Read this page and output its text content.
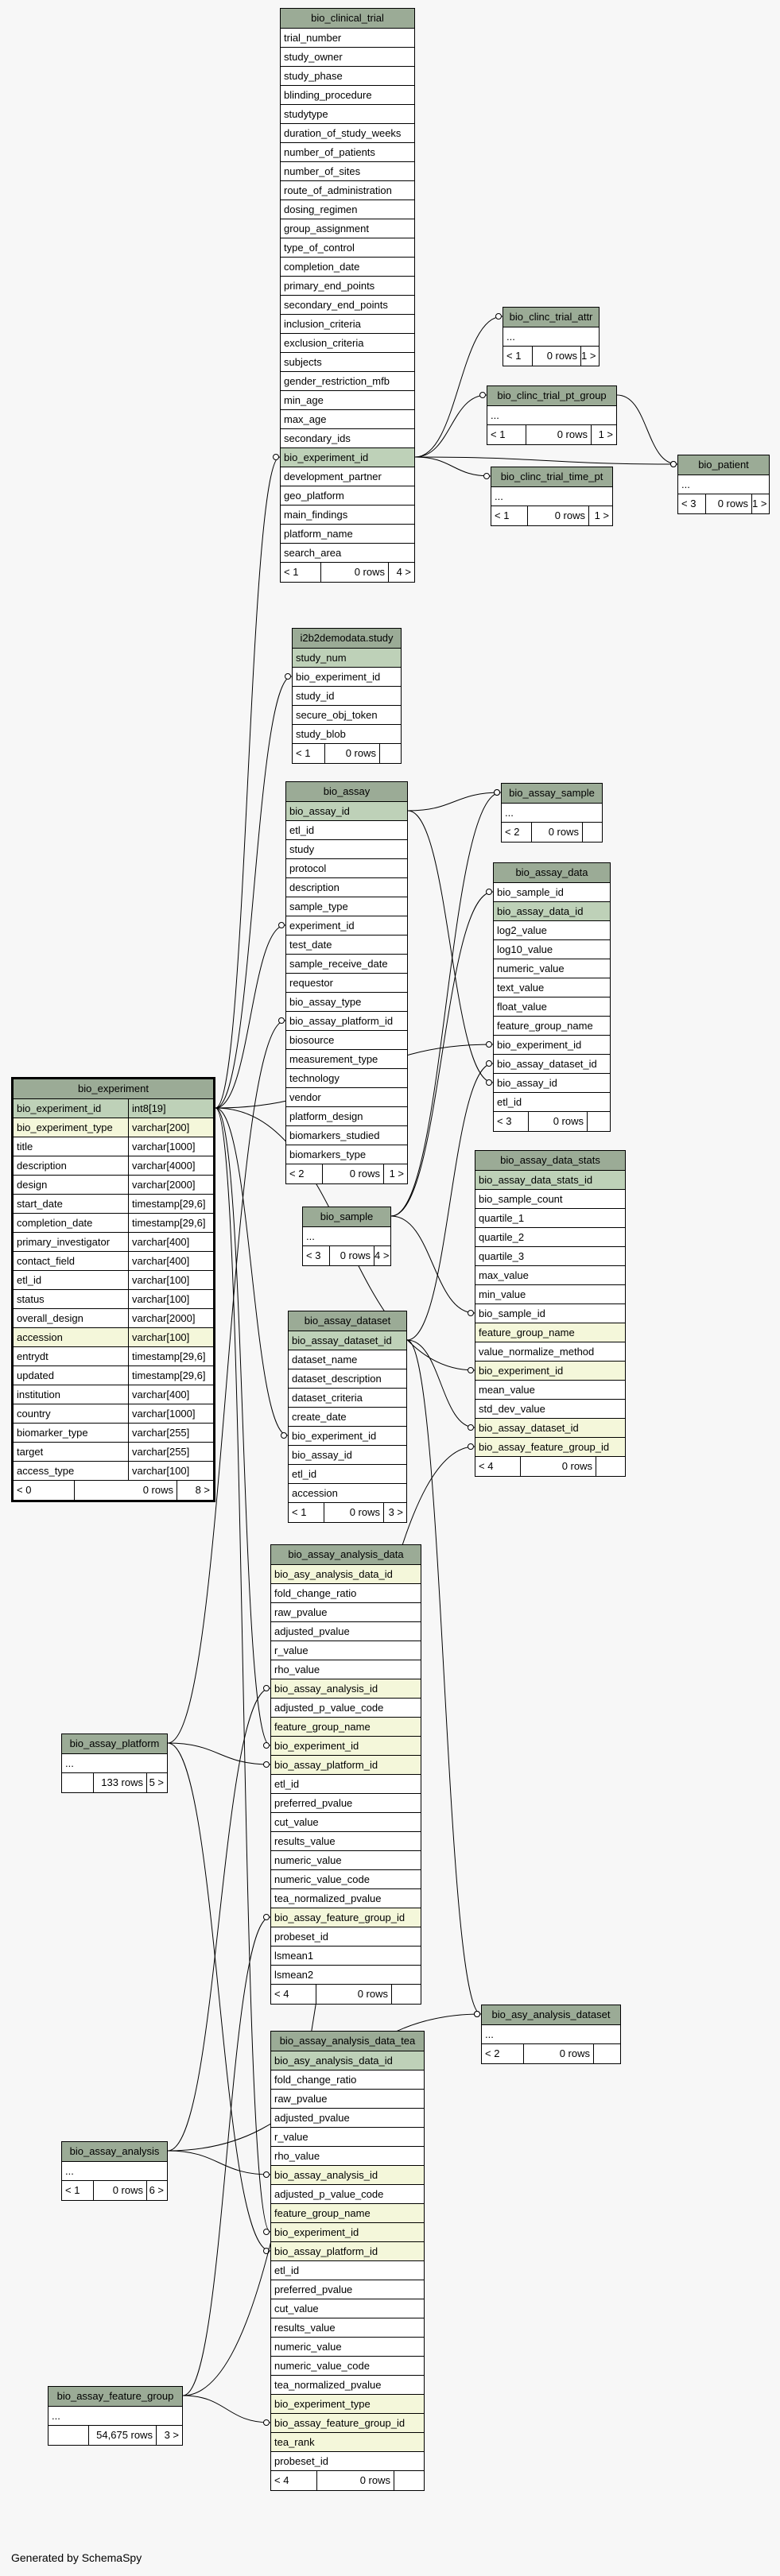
bio_clinical_trial
trial_number
study_owner
study_phase
blinding_procedure
studytype
duration_of_study_weeks
number_of_patients
number_of_sites
route_of_administration
dosing_regimen
group_assignment
type_of_control
completion_date
primary_end_points
secondary_end_points
inclusion_criteria
exclusion_criteria
subjects
gender_restriction_mfb
min_age
max_age
secondary_ids
bio_experiment_id
development_partner
geo_platform
main_findings
platform_name
search_area
< 1	0 rows	4 >
bio_clinc_trial_attr
...
< 1	0 rows 1 >
bio_clinc_trial_pt_group
...
< 1	0 rows	1 >
bio_clinc_trial_time_pt
...
< 1	0 rows 1 >
bio_patient
...
< 3	0 rows 1 >
i2b2demodata.study
study_num
bio_experiment_id
study_id
secure_obj_token
study_blob
< 1	0 rows
bio_assay
bio_assay_id
etl_id
study
protocol
description
sample_type
experiment_id
test_date
sample_receive_date
requestor
bio_assay_type
bio_assay_platform_id
biosource
measurement_type
technology
vendor
platform_design
biomarkers_studied
biomarkers_type
< 2	0 rows 1 >
bio_assay_sample
...
< 2	0 rows
bio_assay_data
bio_sample_id
bio_assay_data_id
log2_value
log10_value
numeric_value
text_value
float_value
feature_group_name
bio_experiment_id
bio_assay_dataset_id
bio_assay_id
etl_id
< 3	0 rows
bio_experiment
bio_experiment_id	int8[19]
bio_experiment_type	varchar[200]
title	varchar[1000]
description	varchar[4000]
design	varchar[2000]
start_date	timestamp[29,6]
completion_date	timestamp[29,6]
primary_investigator	varchar[400]
contact_field	varchar[400]
etl_id	varchar[100]
status	varchar[100]
overall_design	varchar[2000]
accession	varchar[100]
entrydt	timestamp[29,6]
updated	timestamp[29,6]
institution	varchar[400]
country	varchar[1000]
biomarker_type	varchar[255]
target	varchar[255]
access_type	varchar[100]
< 0	0 rows	8 >
bio_sample
...
< 3	0 rows 4 >
bio_assay_data_stats
bio_assay_data_stats_id
bio_sample_count
quartile_1
quartile_2
quartile_3
max_value
min_value
bio_sample_id
feature_group_name
value_normalize_method
bio_experiment_id
mean_value
std_dev_value
bio_assay_dataset_id
bio_assay_feature_group_id
< 4	0 rows
bio_assay_dataset
bio_assay_dataset_id
dataset_name
dataset_description
dataset_criteria
create_date
bio_experiment_id
bio_assay_id
etl_id
accession
< 1	0 rows 3 >
bio_assay_analysis_data
bio_asy_analysis_data_id
fold_change_ratio
raw_pvalue
adjusted_pvalue
r_value
rho_value
bio_assay_analysis_id
adjusted_p_value_code
feature_group_name
bio_experiment_id
bio_assay_platform_id
etl_id
preferred_pvalue
cut_value
results_value
numeric_value
numeric_value_code
tea_normalized_pvalue
bio_assay_feature_group_id
probeset_id
lsmean1
lsmean2
< 4	0 rows
bio_assay_platform
...
133 rows 5 >
bio_asy_analysis_dataset
...
< 2	0 rows
bio_assay_analysis_data_tea
bio_asy_analysis_data_id
fold_change_ratio
raw_pvalue
adjusted_pvalue
r_value
rho_value
bio_assay_analysis_id
adjusted_p_value_code
feature_group_name
bio_experiment_id
bio_assay_platform_id
etl_id
preferred_pvalue
cut_value
results_value
numeric_value
numeric_value_code
tea_normalized_pvalue
bio_experiment_type
bio_assay_feature_group_id
tea_rank
probeset_id
< 4	0 rows
bio_assay_analysis
...
< 1	0 rows 6 >
bio_assay_feature_group
...
54,675 rows	3 >
Generated by SchemaSpy
